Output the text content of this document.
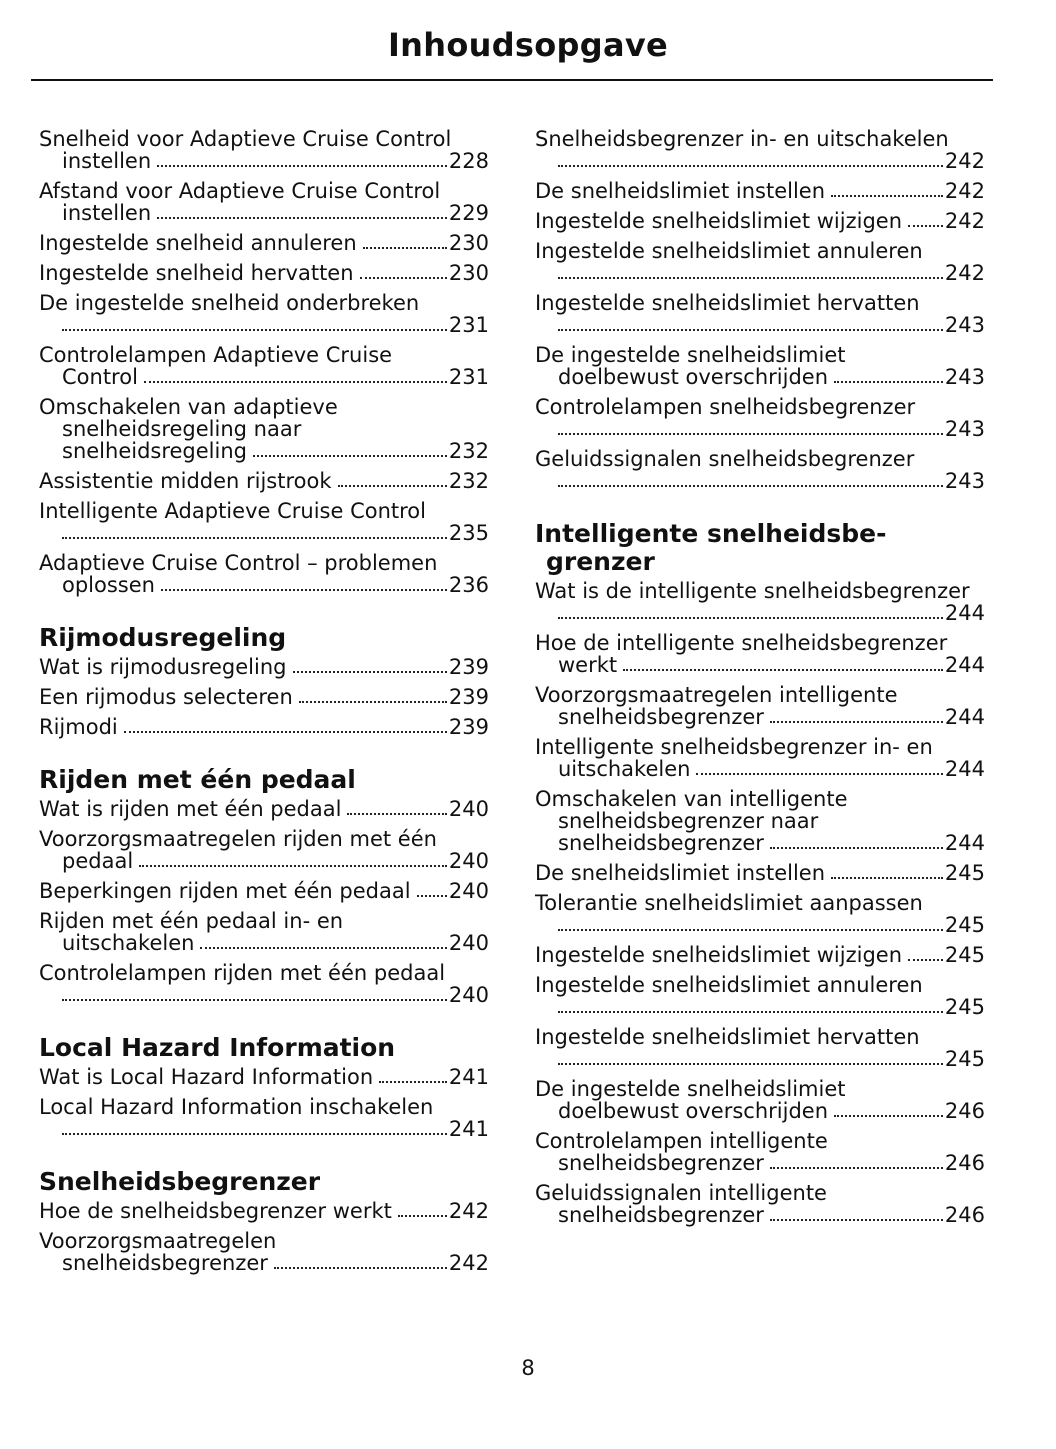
Inhoudsopgave
Snelheid voor Adaptieve Cruise Control
instellen	228
Afstand voor Adaptieve Cruise Control
instellen	229
Ingestelde snelheid annuleren	230
Ingestelde snelheid hervatten	230
De ingestelde snelheid onderbreken
231
Controlelampen Adaptieve Cruise
Control	231
Omschakelen van adaptieve
snelheidsregeling naar
snelheidsregeling	232
Assistentie midden rijstrook	232
Intelligente Adaptieve Cruise Control
235
Adaptieve Cruise Control – problemen
oplossen	236
Rijmodusregeling
Wat is rijmodusregeling	239
Een rijmodus selecteren	239
Rijmodi	239
Rijden met één pedaal
Wat is rijden met één pedaal	240
Voorzorgsmaatregelen rijden met één
pedaal	240
Beperkingen rijden met één pedaal 240
Rijden met één pedaal in- en
uitschakelen	240
Controlelampen rijden met één pedaal
240
Local Hazard Information
Wat is Local Hazard Information	241
Local Hazard Information inschakelen
241
Snelheidsbegrenzer
Hoe de snelheidsbegrenzer werkt	242
Voorzorgsmaatregelen
snelheidsbegrenzer	242
Snelheidsbegrenzer in- en uitschakelen
242
De snelheidslimiet instellen	242
Ingestelde snelheidslimiet wijzigen 242
Ingestelde snelheidslimiet annuleren
242
Ingestelde snelheidslimiet hervatten
243
De ingestelde snelheidslimiet
doelbewust overschrijden	243
Controlelampen snelheidsbegrenzer
243
Geluidssignalen snelheidsbegrenzer
243
Intelligente snelheidsbe-
grenzer
Wat is de intelligente snelheidsbegrenzer
244
Hoe de intelligente snelheidsbegrenzer
werkt	244
Voorzorgsmaatregelen intelligente
snelheidsbegrenzer	244
Intelligente snelheidsbegrenzer in- en
uitschakelen	244
Omschakelen van intelligente
snelheidsbegrenzer naar
snelheidsbegrenzer	244
De snelheidslimiet instellen	245
Tolerantie snelheidslimiet aanpassen
245
Ingestelde snelheidslimiet wijzigen 245
Ingestelde snelheidslimiet annuleren
245
Ingestelde snelheidslimiet hervatten
245
De ingestelde snelheidslimiet
doelbewust overschrijden	246
Controlelampen intelligente
snelheidsbegrenzer	246
Geluidssignalen intelligente
snelheidsbegrenzer	246
8
